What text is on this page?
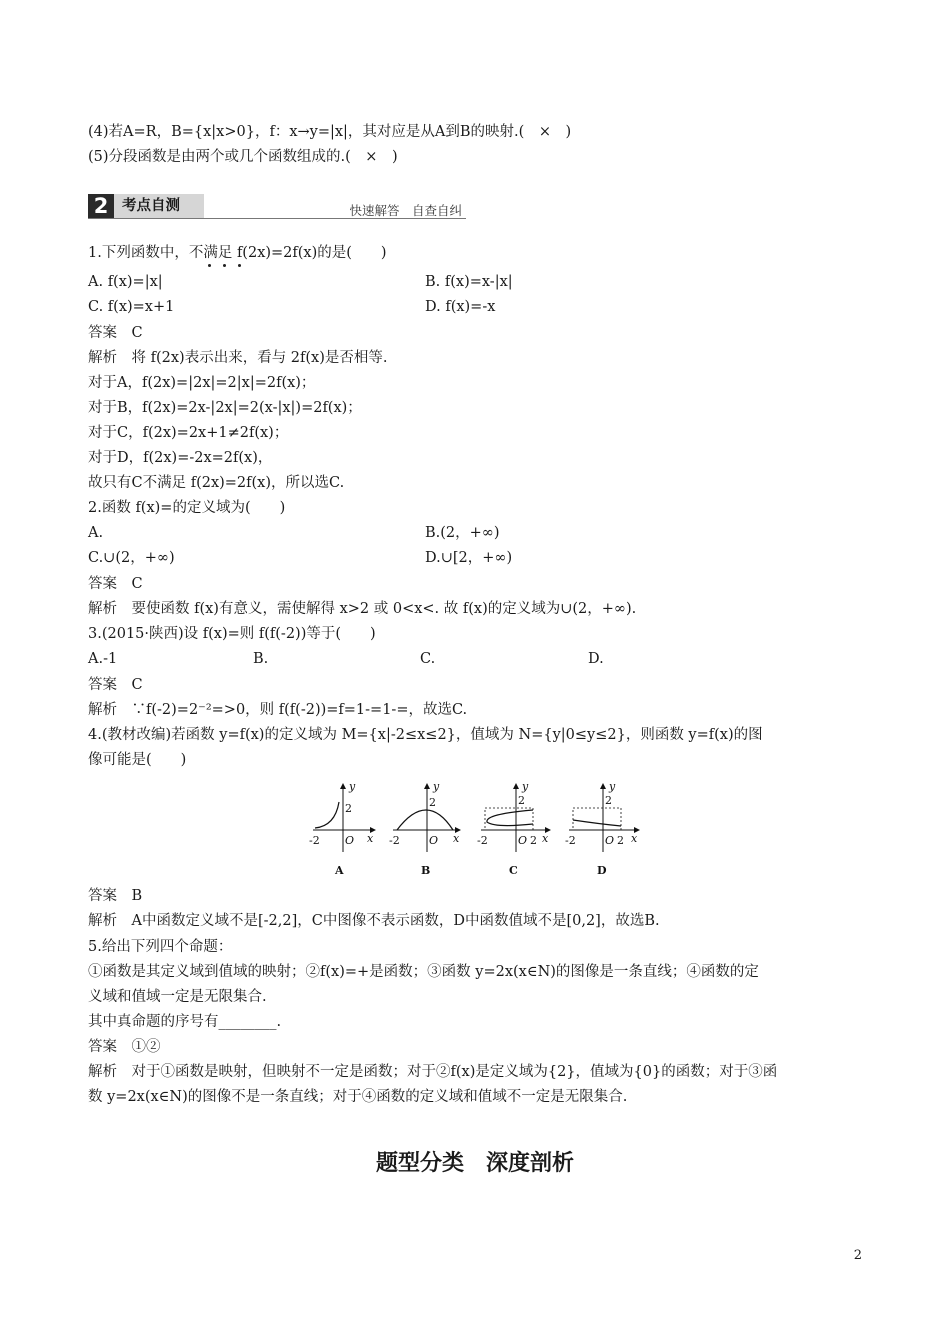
(4)若A=R，B={x|x>0}，f：x→y=|x|，其对应是从A到B的映射.(　×　)
(5)分段函数是由两个或几个函数组成的.(　×　)
2 考点自测	快速解答　自查自纠
1.下列函数中，不满足 f(2x)=2f(x)的是(　　)
A. f(x)=|x|	B. f(x)=x-|x|
C. f(x)=x+1	D. f(x)=-x
答案　C
解析　将 f(2x)表示出来，看与 2f(x)是否相等.
对于A，f(2x)=|2x|=2|x|=2f(x)；
对于B，f(2x)=2x-|2x|=2(x-|x|)=2f(x)；
对于C，f(2x)=2x+1≠2f(x)；
对于D，f(2x)=-2x=2f(x)，
故只有C不满足 f(2x)=2f(x)，所以选C.
2.函数 f(x)=的定义域为(　　)
A.	B.(2，+∞)
C.∪(2，+∞)	D.∪[2，+∞)
答案　C
解析　要使函数 f(x)有意义，需使解得 x>2 或 0<x<. 故 f(x)的定义域为∪(2，+∞).
3.(2015·陕西)设 f(x)=则 f(f(-2))等于(　　)
A.-1	B.	C.	D.
答案　C
解析　∵f(-2)=2⁻²=>0，则 f(f(-2))=f=1-=1-=，故选C.
4.(教材改编)若函数 y=f(x)的定义域为 M={x|-2≤x≤2}，值域为 N={y|0≤y≤2}，则函数 y=f(x)的图
像可能是(　　)
y
2
-2 O x
A
y
2
-2	O x
B
y
2
-2	O 2 x
C
y
2
-2	O 2 x
D
答案　B
解析　A中函数定义域不是[-2,2]，C中图像不表示函数，D中函数值域不是[0,2]，故选B.
5.给出下列四个命题：
①函数是其定义域到值域的映射；②f(x)=+是函数；③函数 y=2x(x∈N)的图像是一条直线；④函数的定
义域和值域一定是无限集合.
其中真命题的序号有________.
答案　①②
解析　对于①函数是映射，但映射不一定是函数；对于②f(x)是定义域为{2}，值域为{0}的函数；对于③函
数 y=2x(x∈N)的图像不是一条直线；对于④函数的定义域和值域不一定是无限集合.
题型分类　深度剖析
2
